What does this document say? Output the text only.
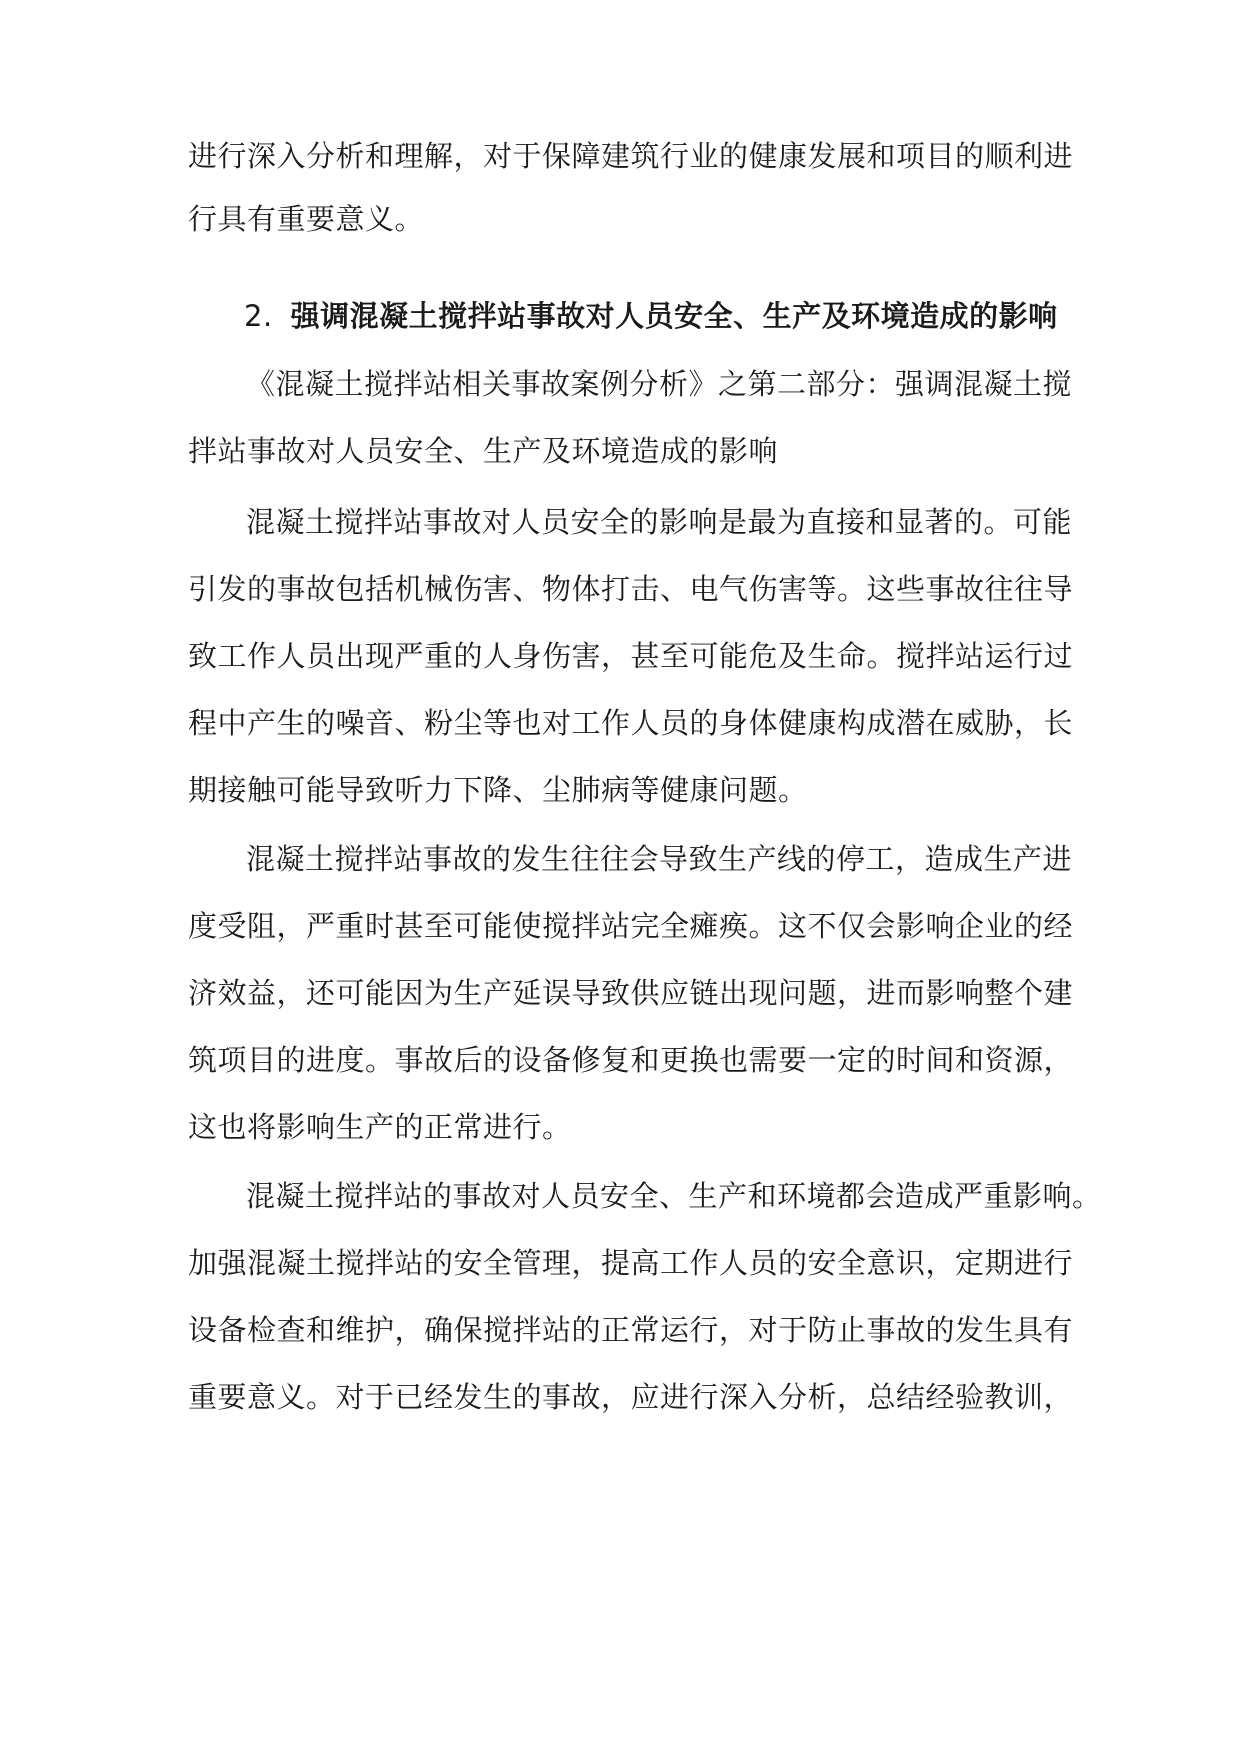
进行深入分析和理解，对于保障建筑行业的健康发展和项目的顺利进

行具有重要意义。

2. 强调混凝土搅拌站事故对人员安全、生产及环境造成的影响

《混凝土搅拌站相关事故案例分析》之第二部分：强调混凝土搅

拌站事故对人员安全、生产及环境造成的影响

混凝土搅拌站事故对人员安全的影响是最为直接和显著的。可能

引发的事故包括机械伤害、物体打击、电气伤害等。这些事故往往导

致工作人员出现严重的人身伤害，甚至可能危及生命。搅拌站运行过

程中产生的噪音、粉尘等也对工作人员的身体健康构成潜在威胁，长

期接触可能导致听力下降、尘肺病等健康问题。

混凝土搅拌站事故的发生往往会导致生产线的停工，造成生产进

度受阻，严重时甚至可能使搅拌站完全瘫痪。这不仅会影响企业的经

济效益，还可能因为生产延误导致供应链出现问题，进而影响整个建

筑项目的进度。事故后的设备修复和更换也需要一定的时间和资源，

这也将影响生产的正常进行。

混凝土搅拌站的事故对人员安全、生产和环境都会造成严重影响。

加强混凝土搅拌站的安全管理，提高工作人员的安全意识，定期进行

设备检查和维护，确保搅拌站的正常运行，对于防止事故的发生具有

重要意义。对于已经发生的事故，应进行深入分析，总结经验教训，
